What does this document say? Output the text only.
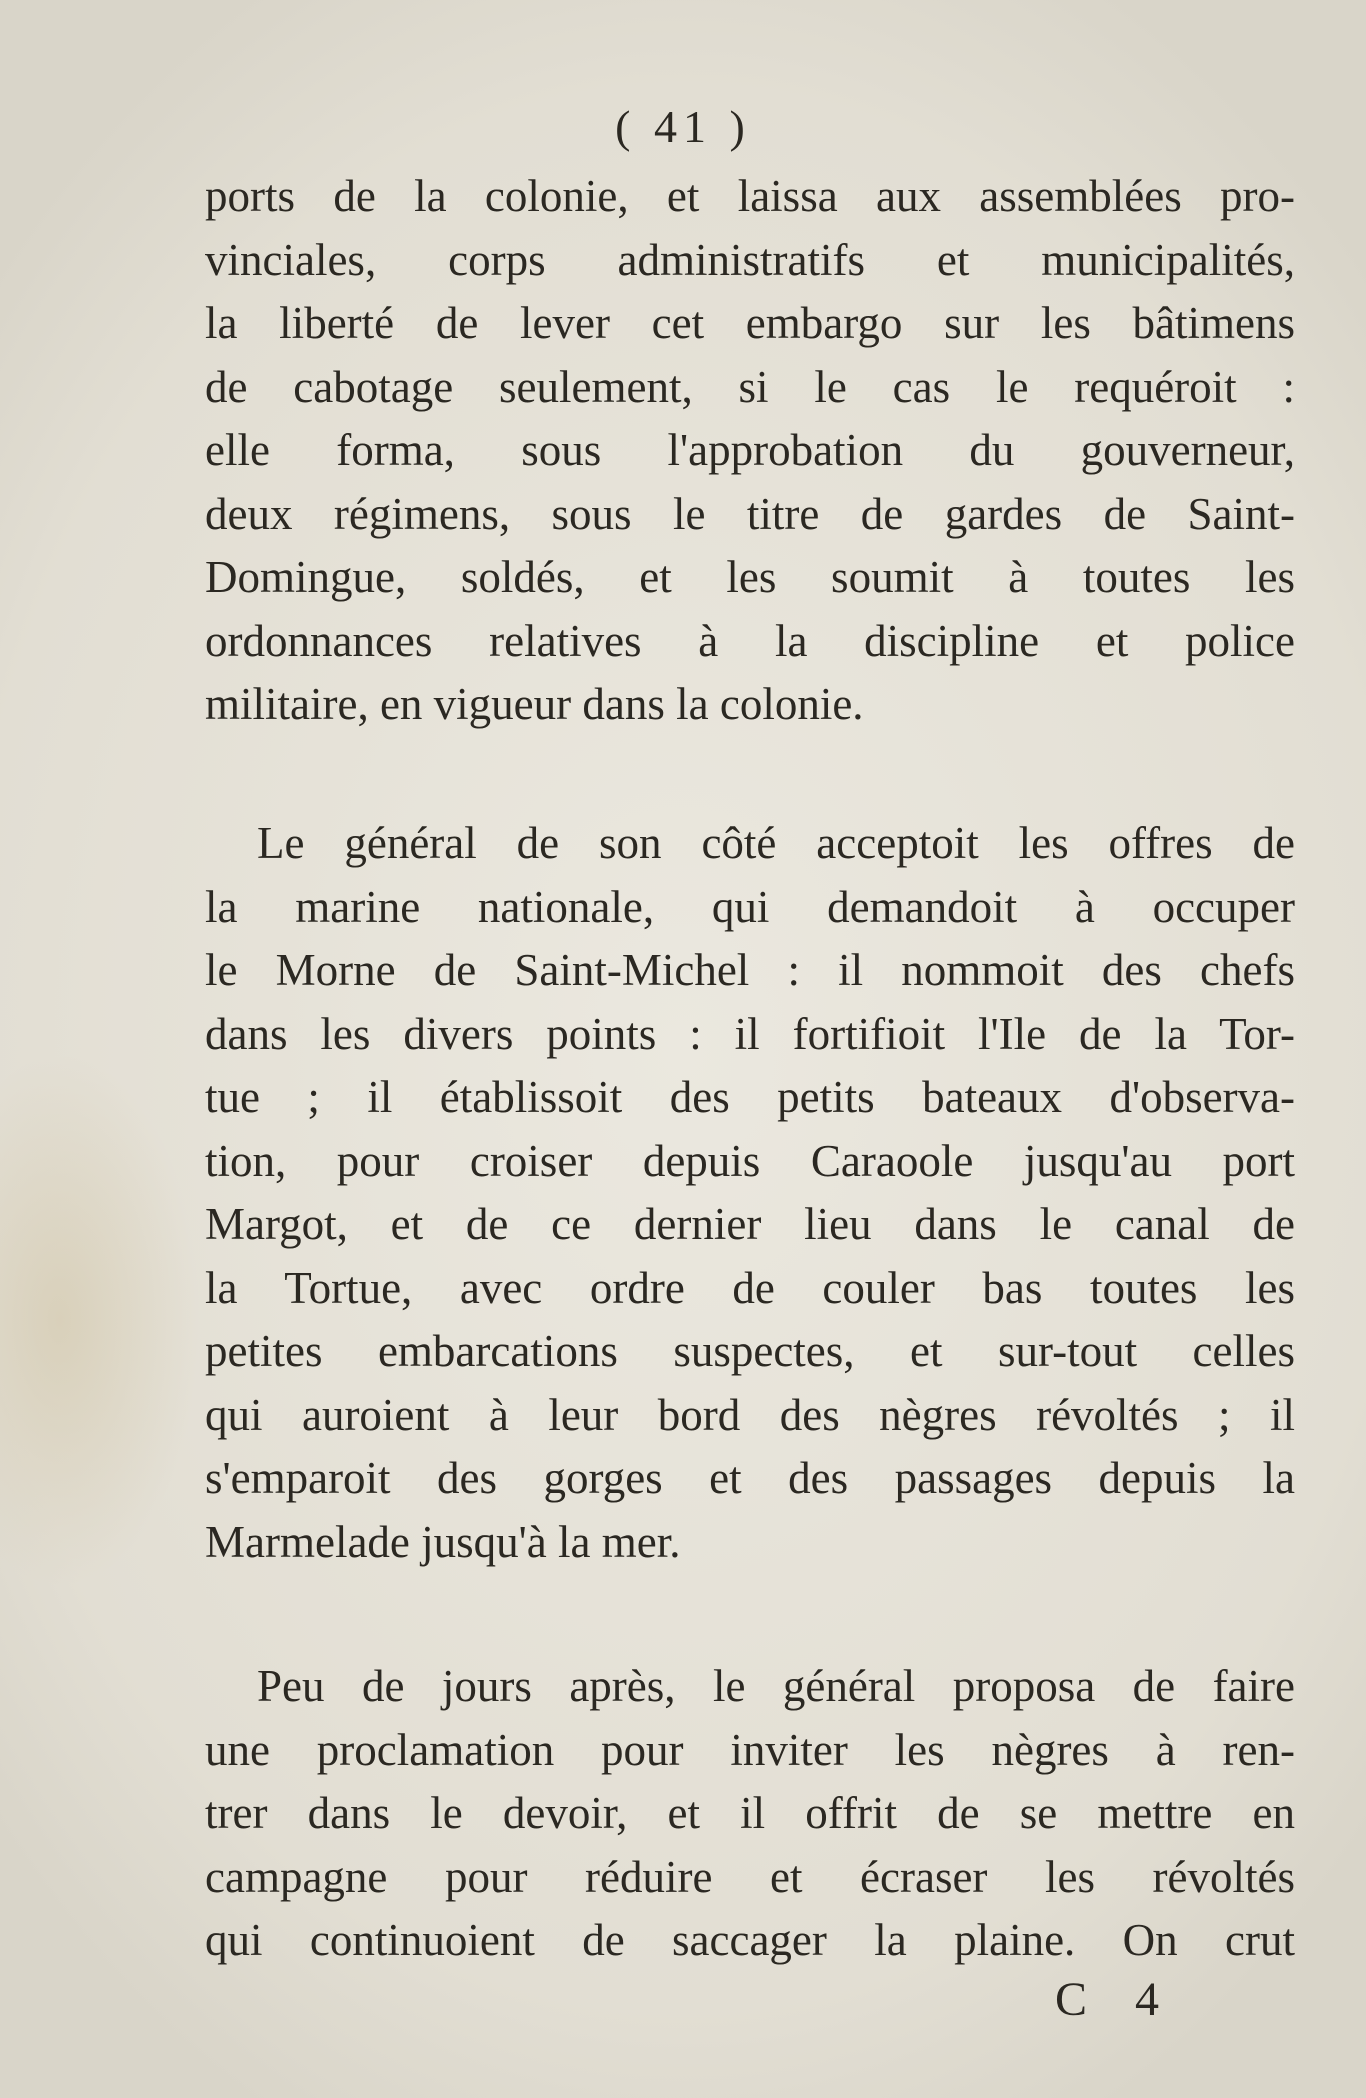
( 41 )
ports de la colonie, et laissa aux assemblées pro-
vinciales, corps administratifs et municipalités,
la liberté de lever cet embargo sur les bâtimens
de cabotage seulement, si le cas le requéroit :
elle forma, sous l'approbation du gouverneur,
deux régimens, sous le titre de gardes de Saint-
Domingue, soldés, et les soumit à toutes les
ordonnances relatives à la discipline et police
militaire, en vigueur dans la colonie.
Le général de son côté acceptoit les offres de
la marine nationale, qui demandoit à occuper
le Morne de Saint-Michel : il nommoit des chefs
dans les divers points : il fortifioit l'Ile de la Tor-
tue ; il établissoit des petits bateaux d'observa-
tion, pour croiser depuis Caraoole jusqu'au port
Margot, et de ce dernier lieu dans le canal de
la Tortue, avec ordre de couler bas toutes les
petites embarcations suspectes, et sur-tout celles
qui auroient à leur bord des nègres révoltés ; il
s'emparoit des gorges et des passages depuis la
Marmelade jusqu'à la mer.
Peu de jours après, le général proposa de faire
une proclamation pour inviter les nègres à ren-
trer dans le devoir, et il offrit de se mettre en
campagne pour réduire et écraser les révoltés
qui continuoient de saccager la plaine. On crut
C 4
